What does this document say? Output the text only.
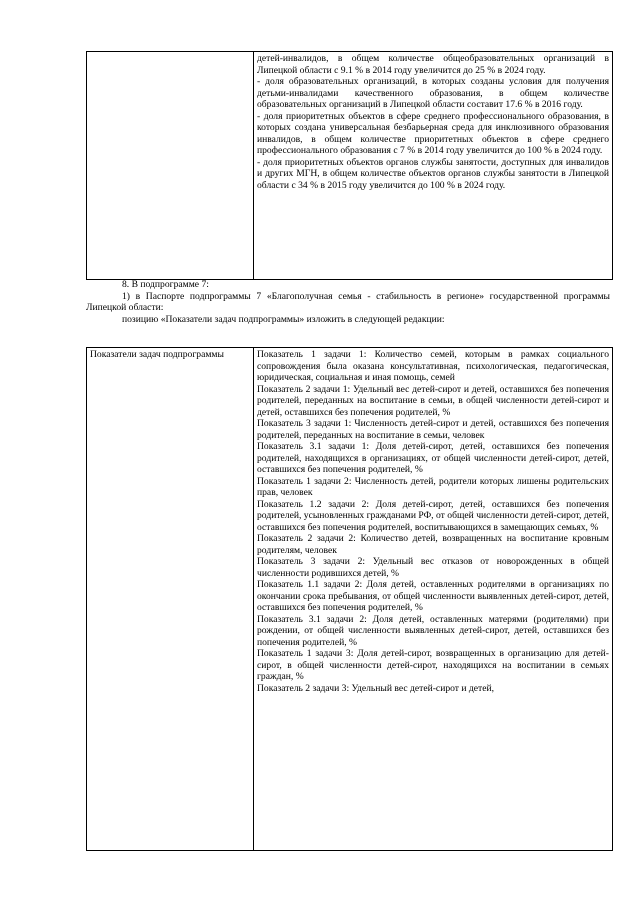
детей-инвалидов, в общем количестве общеобразовательных организаций в Липецкой области с 9.1 % в 2014 году увеличится до 25 % в 2024 году.

- доля образовательных организаций, в которых созданы условия для получения детьми-инвалидами качественного образования, в общем количестве образовательных организаций в Липецкой области составит 17.6 % в 2016 году.

- доля приоритетных объектов в сфере среднего профессионального образования, в которых создана универсальная безбарьерная среда для инклюзивного образования инвалидов, в общем количестве приоритетных объектов в сфере среднего профессионального образования с 7 % в 2014 году увеличится до 100 % в 2024 году.

- доля приоритетных объектов органов службы занятости, доступных для инвалидов и других МГН, в общем количестве объектов органов службы занятости в Липецкой области с 34 % в 2015 году увеличится до 100 % в 2024 году.

8. В подпрограмме 7:

1) в Паспорте подпрограммы 7 «Благополучная семья - стабильность в регионе» государственной программы Липецкой области:

позицию «Показатели задач подпрограммы» изложить в следующей редакции:

Показатели задач подпрограммы	Показатель 1 задачи 1: Количество семей, которым в рамках социального сопровождения была оказана консультативная, психологическая, педагогическая, юридическая, социальная и иная помощь, семей

Показатель 2 задачи 1: Удельный вес детей-сирот и детей, оставшихся без попечения родителей, переданных на воспитание в семьи, в общей численности детей-сирот и детей, оставшихся без попечения родителей, %

Показатель 3 задачи 1: Численность детей-сирот и детей, оставшихся без попечения родителей, переданных на воспитание в семьи, человек

Показатель 3.1 задачи 1: Доля детей-сирот, детей, оставшихся без попечения родителей, находящихся в организациях, от общей численности детей-сирот, детей, оставшихся без попечения родителей, %

Показатель 1 задачи 2: Численность детей, родители которых лишены родительских прав, человек

Показатель 1.2 задачи 2: Доля детей-сирот, детей, оставшихся без попечения родителей, усыновленных гражданами РФ, от общей численности детей-сирот, детей, оставшихся без попечения родителей, воспитывающихся в замещающих семьях, %

Показатель 2 задачи 2: Количество детей, возвращенных на воспитание кровным родителям, человек

Показатель 3 задачи 2: Удельный вес отказов от новорожденных в общей численности родившихся детей, %

Показатель 1.1 задачи 2: Доля детей, оставленных родителями в организациях по окончании срока пребывания, от общей численности выявленных детей-сирот, детей, оставшихся без попечения родителей, %

Показатель 3.1 задачи 2: Доля детей, оставленных матерями (родителями) при рождении, от общей численности выявленных детей-сирот, детей, оставшихся без попечения родителей, %

Показатель 1 задачи 3: Доля детей-сирот, возвращенных в организацию для детей-сирот, в общей численности детей-сирот, находящихся на воспитании в семьях граждан, %

Показатель 2 задачи 3: Удельный вес детей-сирот и детей,
